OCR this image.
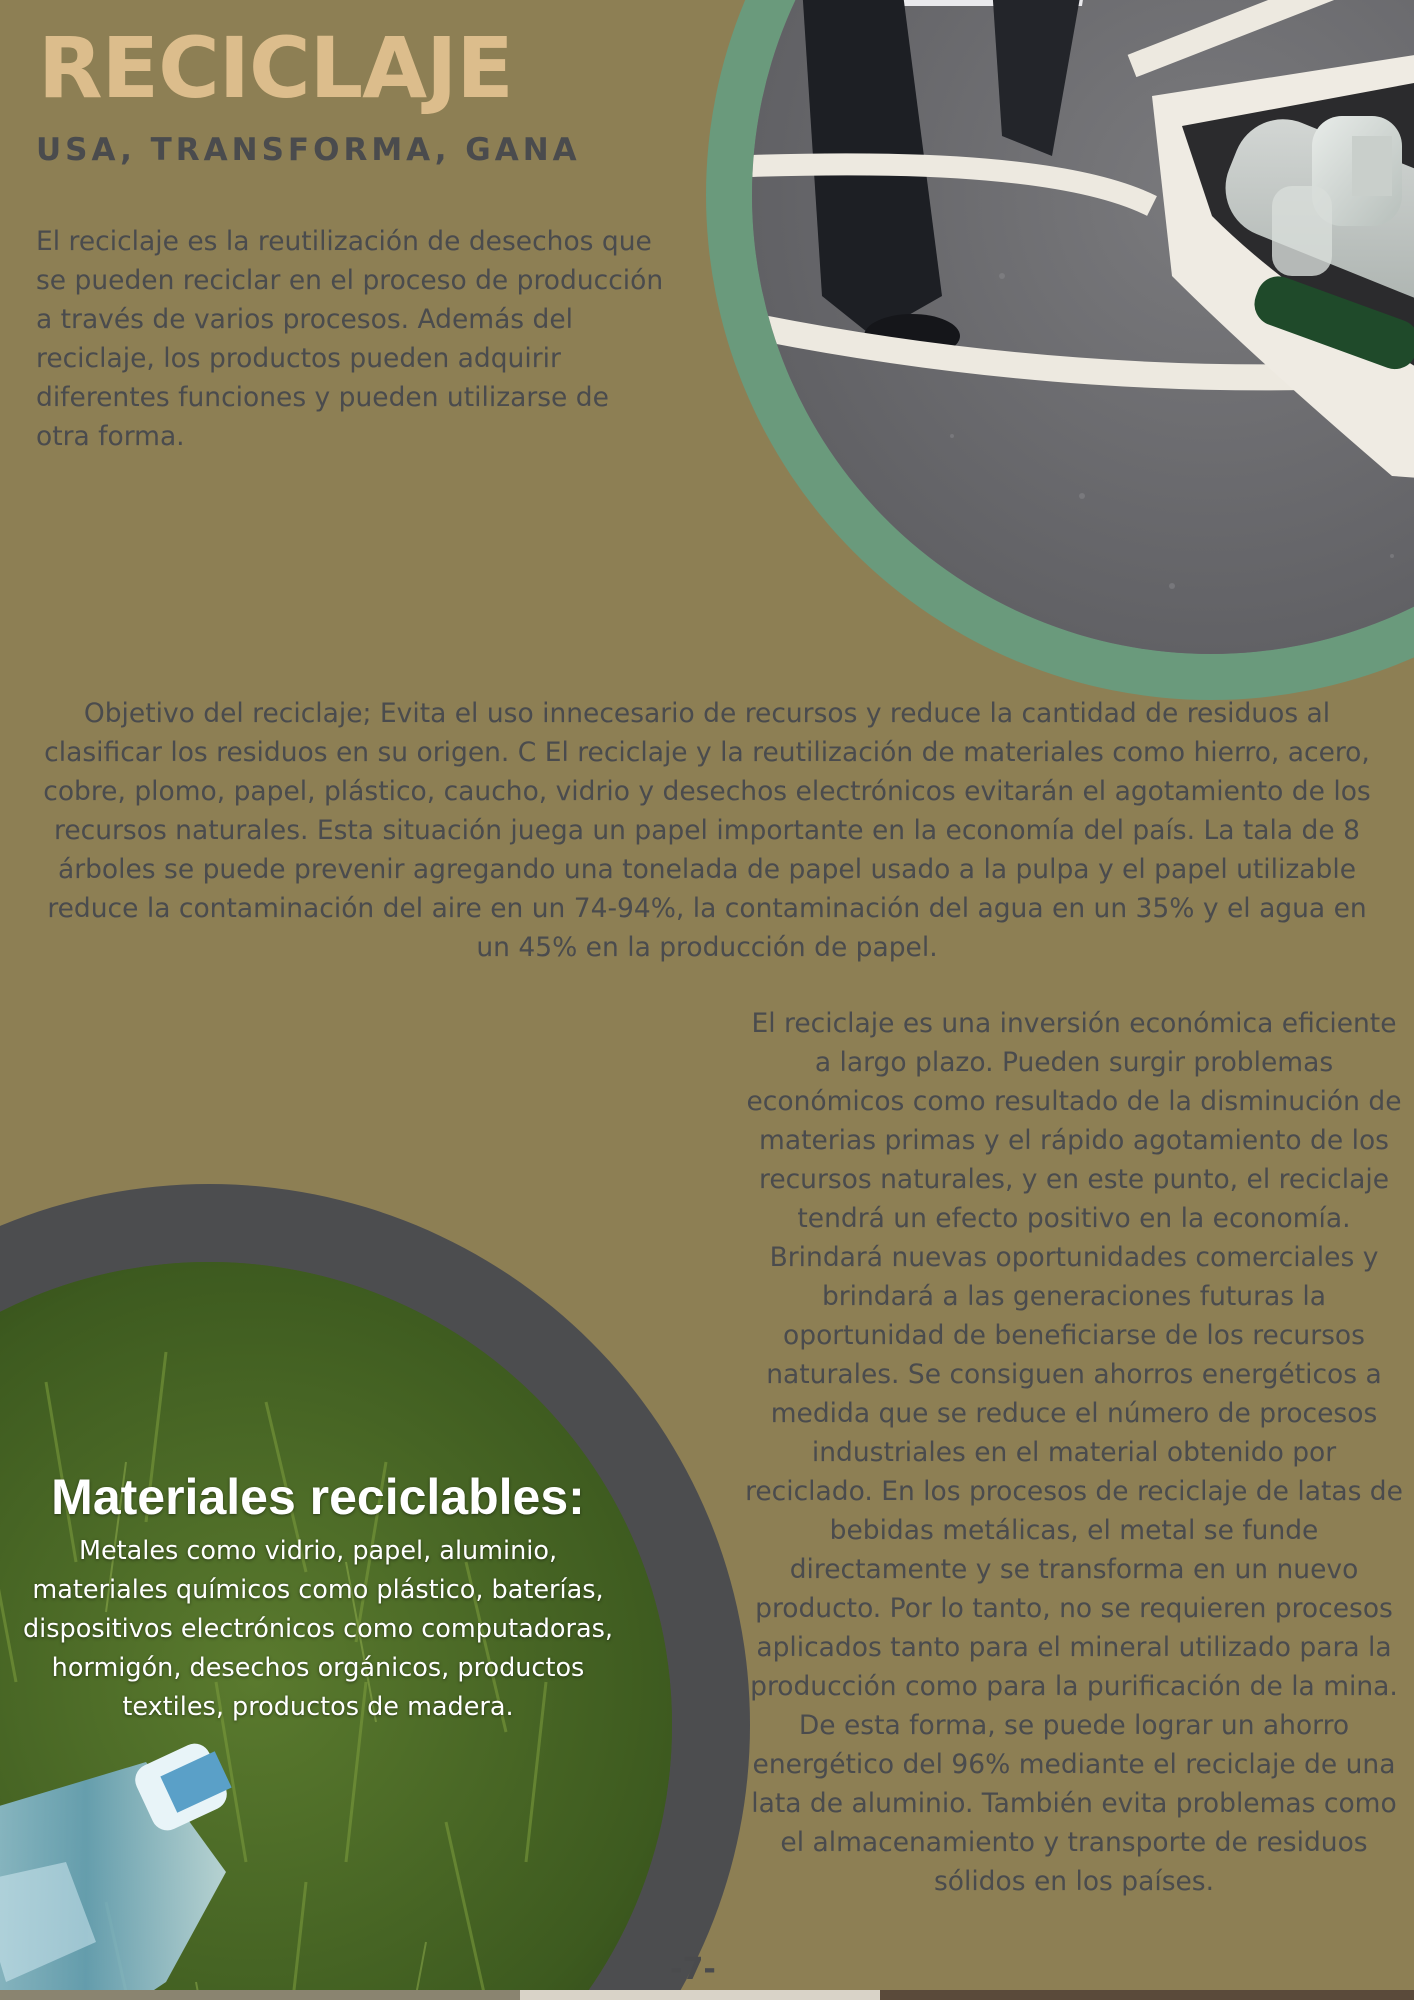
RECICLAJE
USA, TRANSFORMA, GANA

El reciclaje es la reutilización de desechos que se pueden reciclar en el proceso de producción a través de varios procesos. Además del reciclaje, los productos pueden adquirir diferentes funciones y pueden utilizarse de otra forma.

Objetivo del reciclaje; Evita el uso innecesario de recursos y reduce la cantidad de residuos al clasificar los residuos en su origen. C El reciclaje y la reutilización de materiales como hierro, acero, cobre, plomo, papel, plástico, caucho, vidrio y desechos electrónicos evitarán el agotamiento de los recursos naturales. Esta situación juega un papel importante en la economía del país. La tala de 8 árboles se puede prevenir agregando una tonelada de papel usado a la pulpa y el papel utilizable reduce la contaminación del aire en un 74-94%, la contaminación del agua en un 35% y el agua en un 45% en la producción de papel.

El reciclaje es una inversión económica eficiente a largo plazo. Pueden surgir problemas económicos como resultado de la disminución de materias primas y el rápido agotamiento de los recursos naturales, y en este punto, el reciclaje tendrá un efecto positivo en la economía. Brindará nuevas oportunidades comerciales y brindará a las generaciones futuras la oportunidad de beneficiarse de los recursos naturales. Se consiguen ahorros energéticos a medida que se reduce el número de procesos industriales en el material obtenido por reciclado. En los procesos de reciclaje de latas de bebidas metálicas, el metal se funde directamente y se transforma en un nuevo producto. Por lo tanto, no se requieren procesos aplicados tanto para el mineral utilizado para la producción como para la purificación de la mina. De esta forma, se puede lograr un ahorro energético del 96% mediante el reciclaje de una lata de aluminio. También evita problemas como el almacenamiento y transporte de residuos sólidos en los países.

Materiales reciclables:

Metales como vidrio, papel, aluminio, materiales químicos como plástico, baterías, dispositivos electrónicos como computadoras, hormigón, desechos orgánicos, productos textiles, productos de madera.

-7-
